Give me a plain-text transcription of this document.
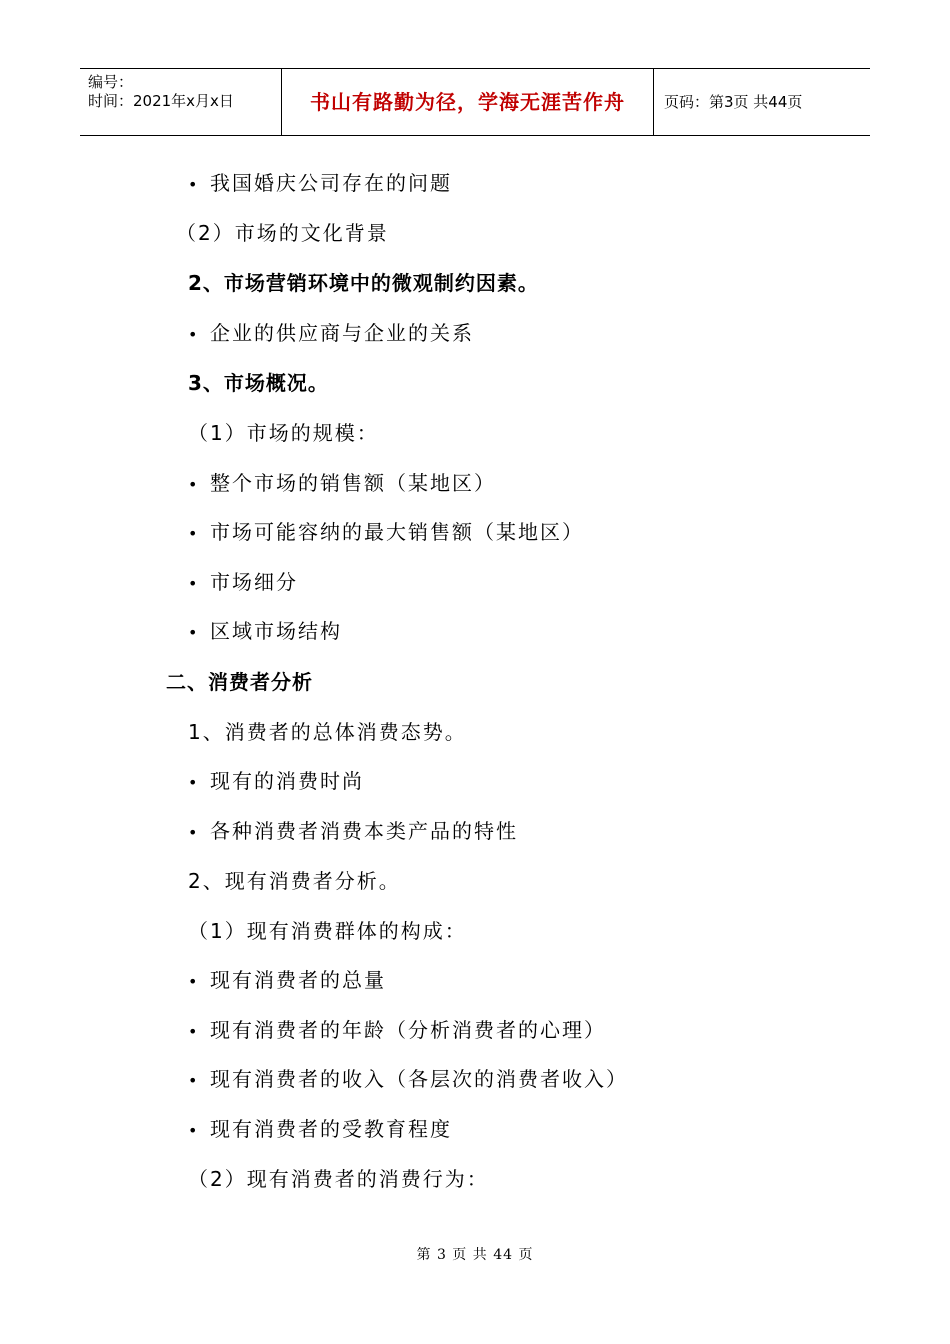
编号：
时间：2021年x月x日	书山有路勤为径，学海无涯苦作舟	页码：第3页 共44页
• 我国婚庆公司存在的问题
（2）市场的文化背景
2、市场营销环境中的微观制约因素。
• 企业的供应商与企业的关系
3、市场概况。
（1）市场的规模：
• 整个市场的销售额（某地区）
• 市场可能容纳的最大销售额（某地区）
• 市场细分
• 区域市场结构
二、消费者分析
1、消费者的总体消费态势。
• 现有的消费时尚
• 各种消费者消费本类产品的特性
2、现有消费者分析。
（1）现有消费群体的构成：
• 现有消费者的总量
• 现有消费者的年龄（分析消费者的心理）
• 现有消费者的收入（各层次的消费者收入）
• 现有消费者的受教育程度
（2）现有消费者的消费行为：
第 3 页 共 44 页
